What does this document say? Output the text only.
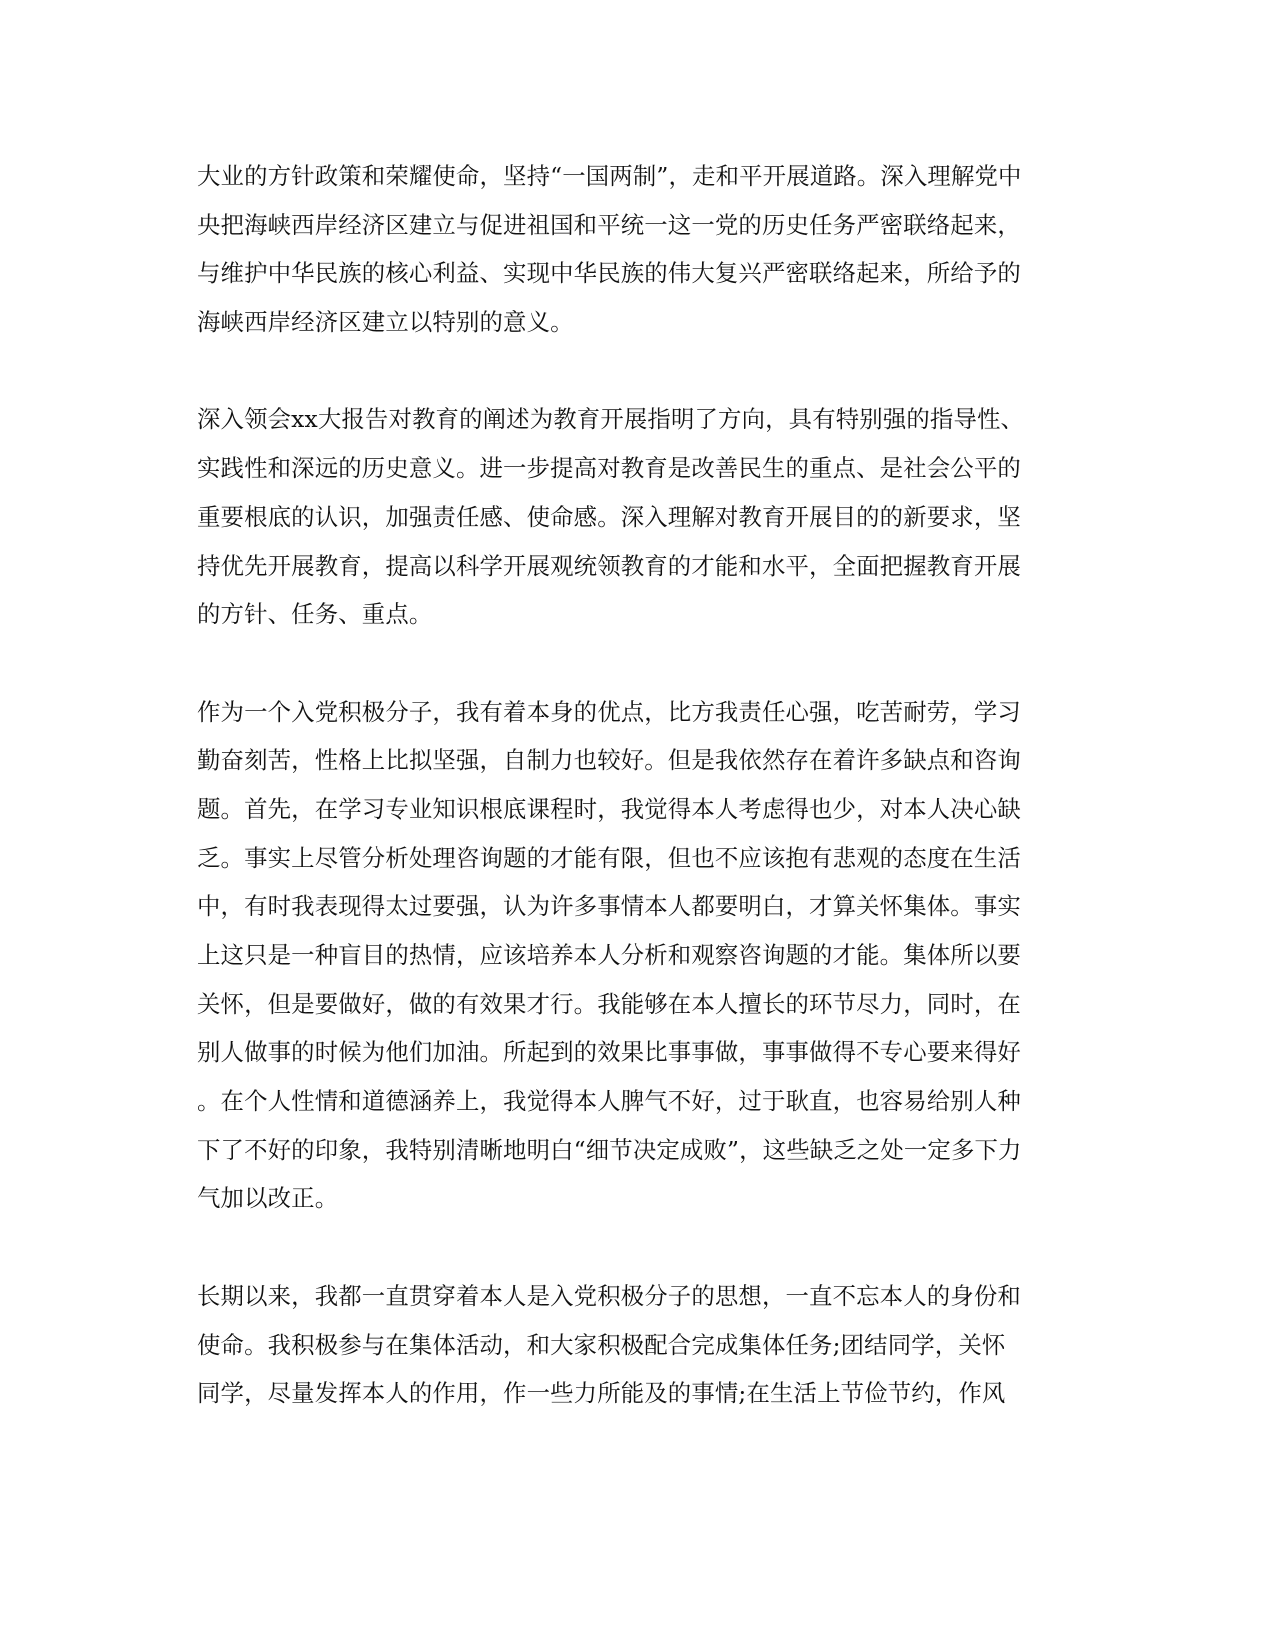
大业的方针政策和荣耀使命，坚持“一国两制”，走和平开展道路。深入理解党中
央把海峡西岸经济区建立与促进祖国和平统一这一党的历史任务严密联络起来，
与维护中华民族的核心利益、实现中华民族的伟大复兴严密联络起来，所给予的
海峡西岸经济区建立以特别的意义。
深入领会xx大报告对教育的阐述为教育开展指明了方向，具有特别强的指导性、
实践性和深远的历史意义。进一步提高对教育是改善民生的重点、是社会公平的
重要根底的认识，加强责任感、使命感。深入理解对教育开展目的的新要求，坚
持优先开展教育，提高以科学开展观统领教育的才能和水平，全面把握教育开展
的方针、任务、重点。
作为一个入党积极分子，我有着本身的优点，比方我责任心强，吃苦耐劳，学习
勤奋刻苦，性格上比拟坚强，自制力也较好。但是我依然存在着许多缺点和咨询
题。首先，在学习专业知识根底课程时，我觉得本人考虑得也少，对本人决心缺
乏。事实上尽管分析处理咨询题的才能有限，但也不应该抱有悲观的态度在生活
中，有时我表现得太过要强，认为许多事情本人都要明白，才算关怀集体。事实
上这只是一种盲目的热情，应该培养本人分析和观察咨询题的才能。集体所以要
关怀，但是要做好，做的有效果才行。我能够在本人擅长的环节尽力，同时，在
别人做事的时候为他们加油。所起到的效果比事事做，事事做得不专心要来得好
。在个人性情和道德涵养上，我觉得本人脾气不好，过于耿直，也容易给别人种
下了不好的印象，我特别清晰地明白“细节决定成败”，这些缺乏之处一定多下力
气加以改正。
长期以来，我都一直贯穿着本人是入党积极分子的思想，一直不忘本人的身份和
使命。我积极参与在集体活动，和大家积极配合完成集体任务;团结同学，关怀
同学，尽量发挥本人的作用，作一些力所能及的事情;在生活上节俭节约，作风
